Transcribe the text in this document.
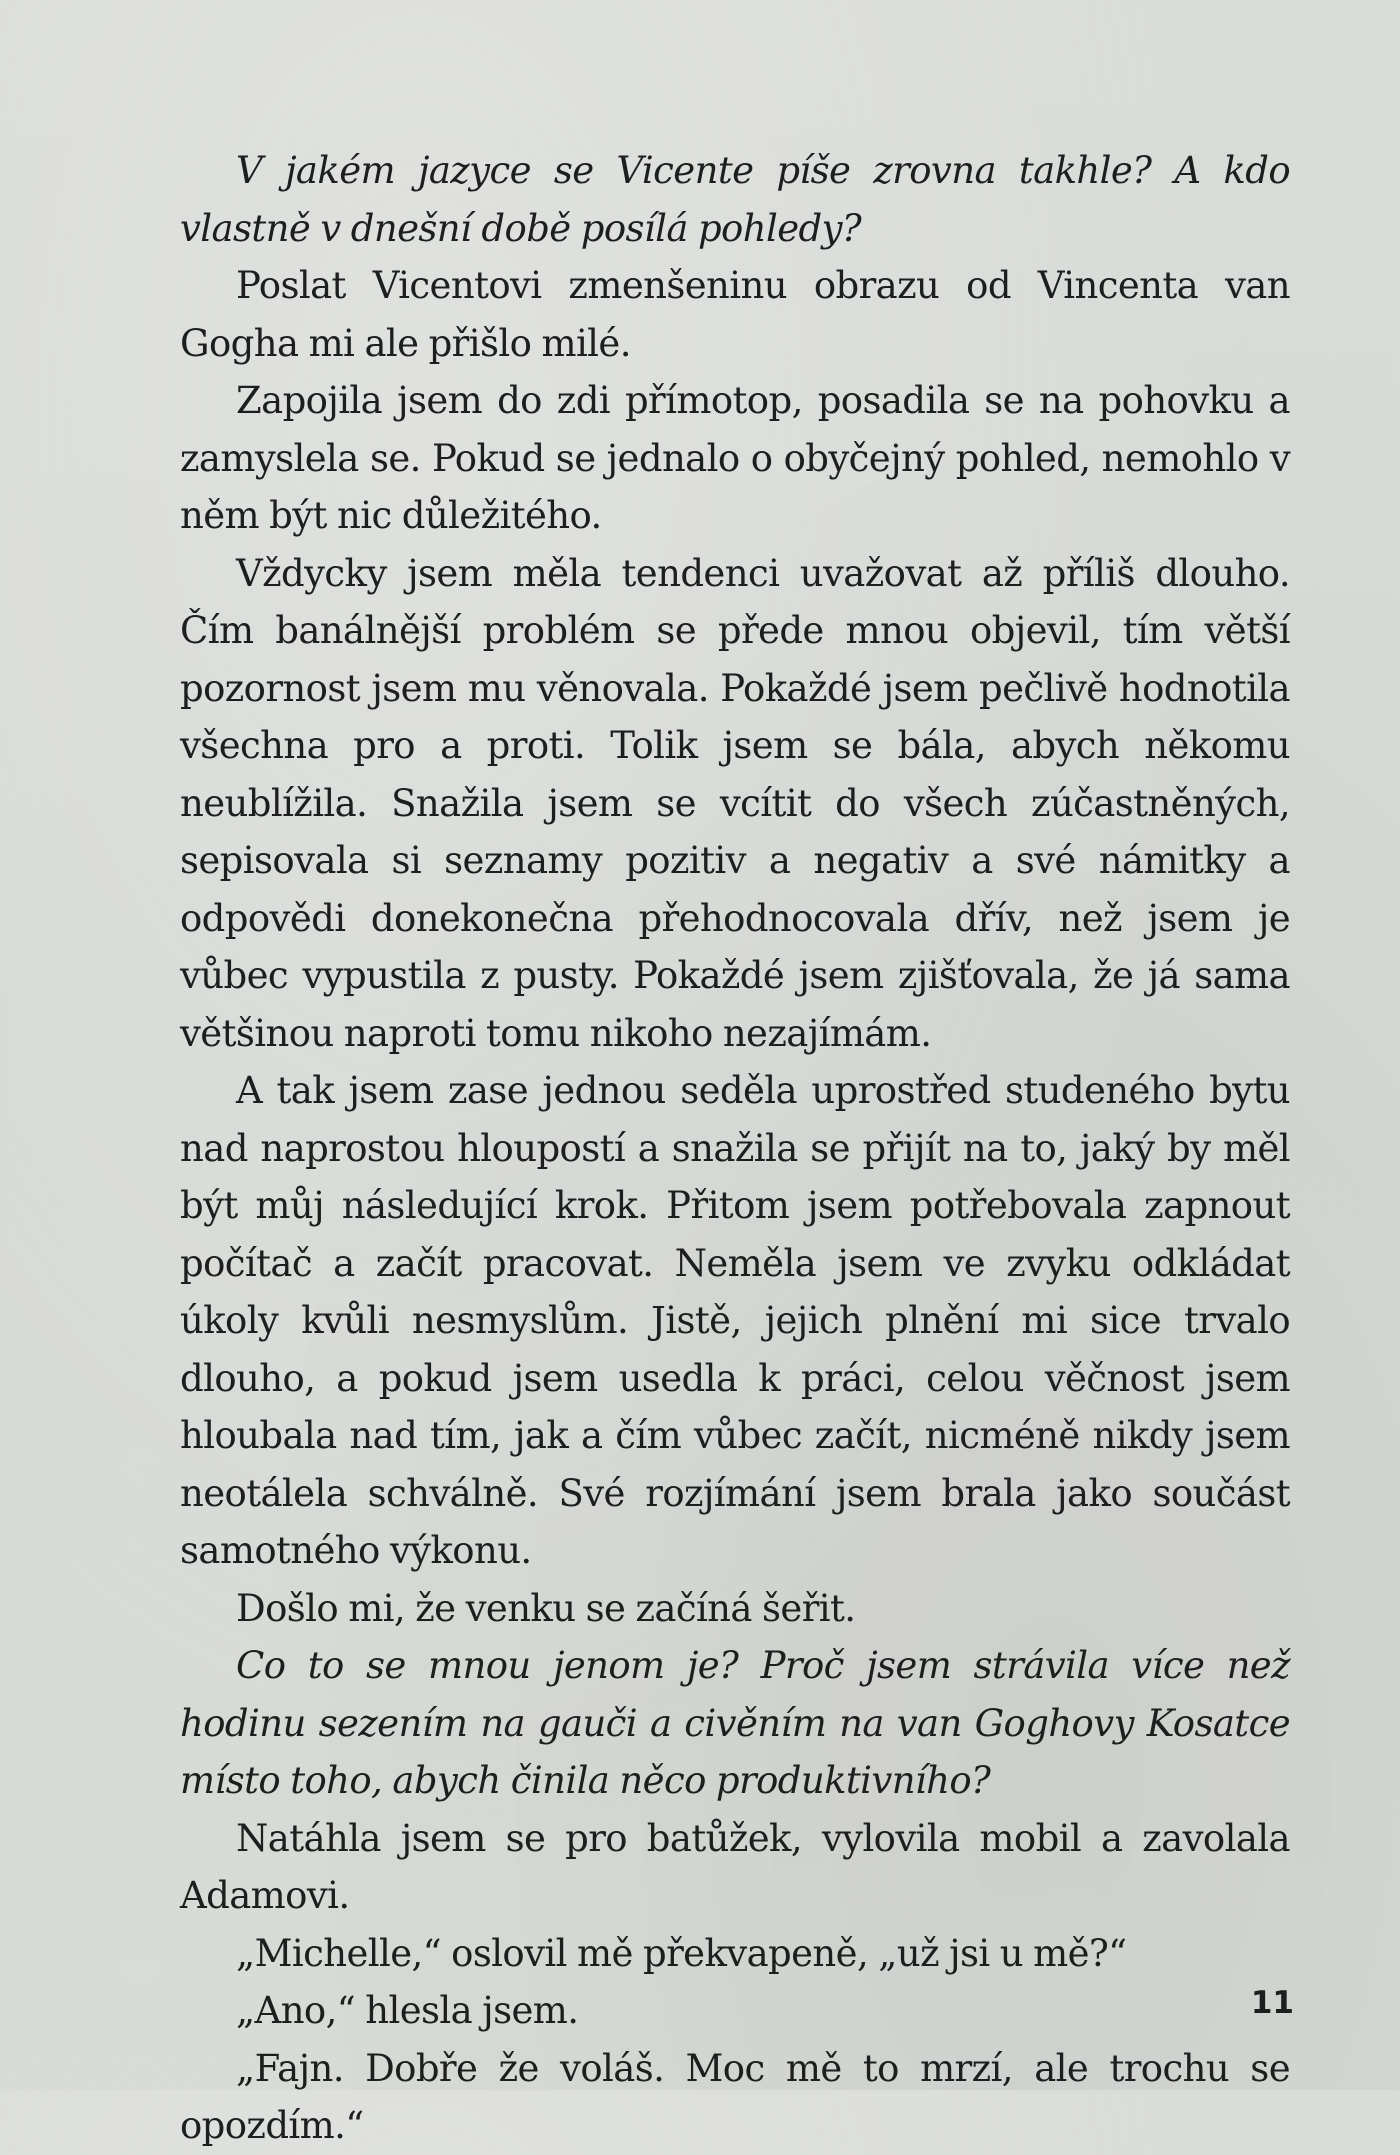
V jakém jazyce se Vicente píše zrovna takhle? A kdo vlastně v dnešní době posílá pohledy?

Poslat Vicentovi zmenšeninu obrazu od Vincenta van Gogha mi ale přišlo milé.

Zapojila jsem do zdi přímotop, posadila se na pohovku a zamyslela se. Pokud se jednalo o obyčejný pohled, nemohlo v něm být nic důležitého.

Vždycky jsem měla tendenci uvažovat až příliš dlouho. Čím banálnější problém se přede mnou objevil, tím větší pozornost jsem mu věnovala. Pokaždé jsem pečlivě hodnotila všechna pro a proti. Tolik jsem se bála, abych někomu neublížila. Snažila jsem se vcítit do všech zúčastněných, sepisovala si seznamy pozitiv a negativ a své námitky a odpovědi donekonečna přehodnocovala dřív, než jsem je vůbec vypustila z pusty. Pokaždé jsem zjišťovala, že já sama většinou naproti tomu nikoho nezajímám.

A tak jsem zase jednou seděla uprostřed studeného bytu nad naprostou hloupostí a snažila se přijít na to, jaký by měl být můj následující krok. Přitom jsem potřebovala zapnout počítač a začít pracovat. Neměla jsem ve zvyku odkládat úkoly kvůli nesmyslům. Jistě, jejich plnění mi sice trvalo dlouho, a pokud jsem usedla k práci, celou věčnost jsem hloubala nad tím, jak a čím vůbec začít, nicméně nikdy jsem neotálela schválně. Své rozjímání jsem brala jako součást samotného výkonu.

Došlo mi, že venku se začíná šeřit.

Co to se mnou jenom je? Proč jsem strávila více než hodinu sezením na gauči a civěním na van Goghovy Kosatce místo toho, abych činila něco produktivního?

Natáhla jsem se pro batůžek, vylovila mobil a zavolala Adamovi.

„Michelle,“ oslovil mě překvapeně, „už jsi u mě?“

„Ano,“ hlesla jsem.

„Fajn. Dobře že voláš. Moc mě to mrzí, ale trochu se opozdím.“

11
